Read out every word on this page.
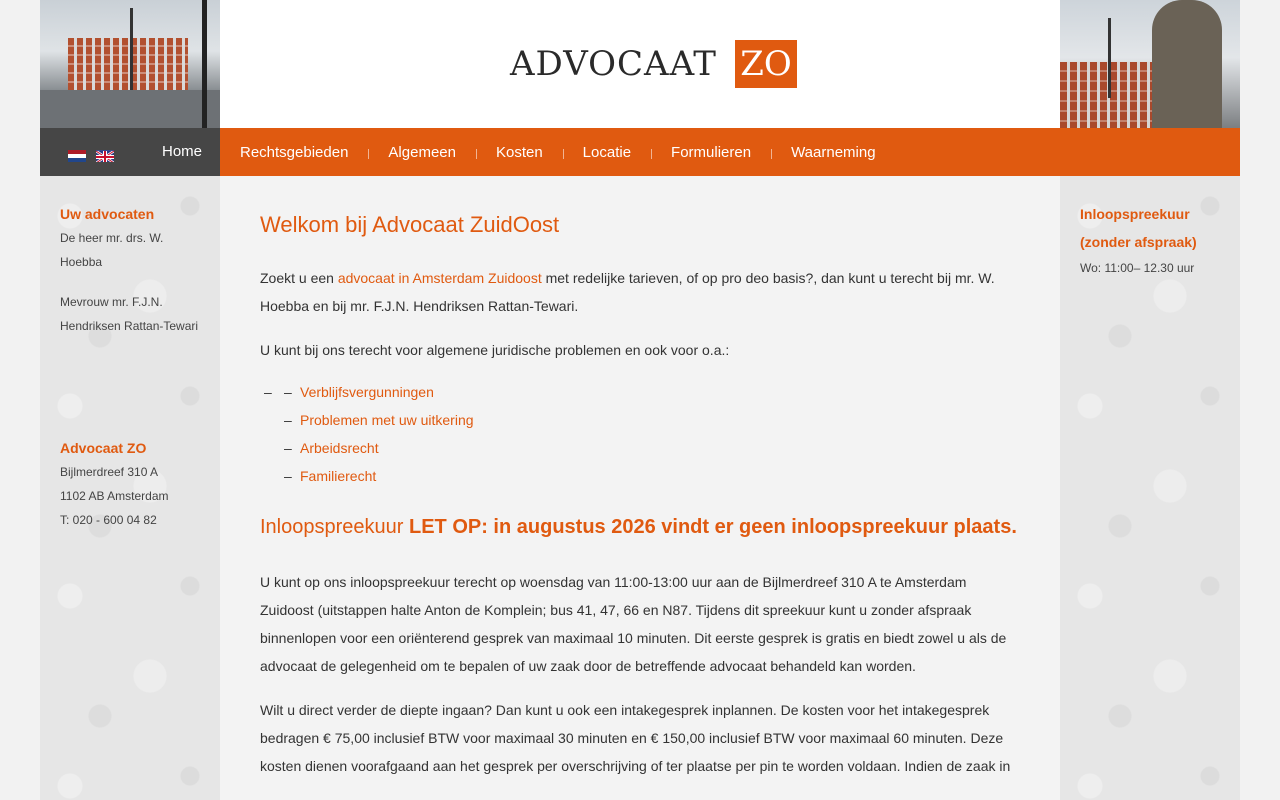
ADVOCAAT ZO
Home	Rechtsgebieden	Algemeen	Kosten	Locatie	Formulieren	Waarneming
Uw advocaten

De heer mr. drs. W.

Hoebba

Mevrouw mr. F.J.N.

Hendriksen Rattan-Tewari

Advocaat ZO

Bijlmerdreef 310 A

1102 AB Amsterdam

T: 020 - 600 04 82

Welkom bij Advocaat ZuidOost

Zoekt u een advocaat in Amsterdam Zuidoost met redelijke tarieven, of op pro deo basis?, dan kunt u terecht bij mr. W. Hoebba en bij mr. F.J.N. Hendriksen Rattan-Tewari.

U kunt bij ons terecht voor algemene juridische problemen en ook voor o.a.:

– Verblijfsvergunningen –
– Problemen met uw uitkering
– Arbeidsrecht
– Familierecht
Inloopspreekuur LET OP: in augustus 2026 vindt er geen inloopspreekuur plaats.

U kunt op ons inloopspreekuur terecht op woensdag van 11:00-13:00 uur aan de Bijlmerdreef 310 A te Amsterdam Zuidoost (uitstappen halte Anton de Komplein; bus 41, 47, 66 en N87. Tijdens dit spreekuur kunt u zonder afspraak binnenlopen voor een oriënterend gesprek van maximaal 10 minuten. Dit eerste gesprek is gratis en biedt zowel u als de advocaat de gelegenheid om te bepalen of uw zaak door de betreffende advocaat behandeld kan worden.

Wilt u direct verder de diepte ingaan? Dan kunt u ook een intakegesprek inplannen. De kosten voor het intakegesprek bedragen € 75,00 inclusief BTW voor maximaal 30 minuten en € 150,00 inclusief BTW voor maximaal 60 minuten. Deze kosten dienen voorafgaand aan het gesprek per overschrijving of ter plaatse per pin te worden voldaan. Indien de zaak in

Inloopspreekuur
(zonder afspraak)

Wo: 11:00– 12.30 uur
